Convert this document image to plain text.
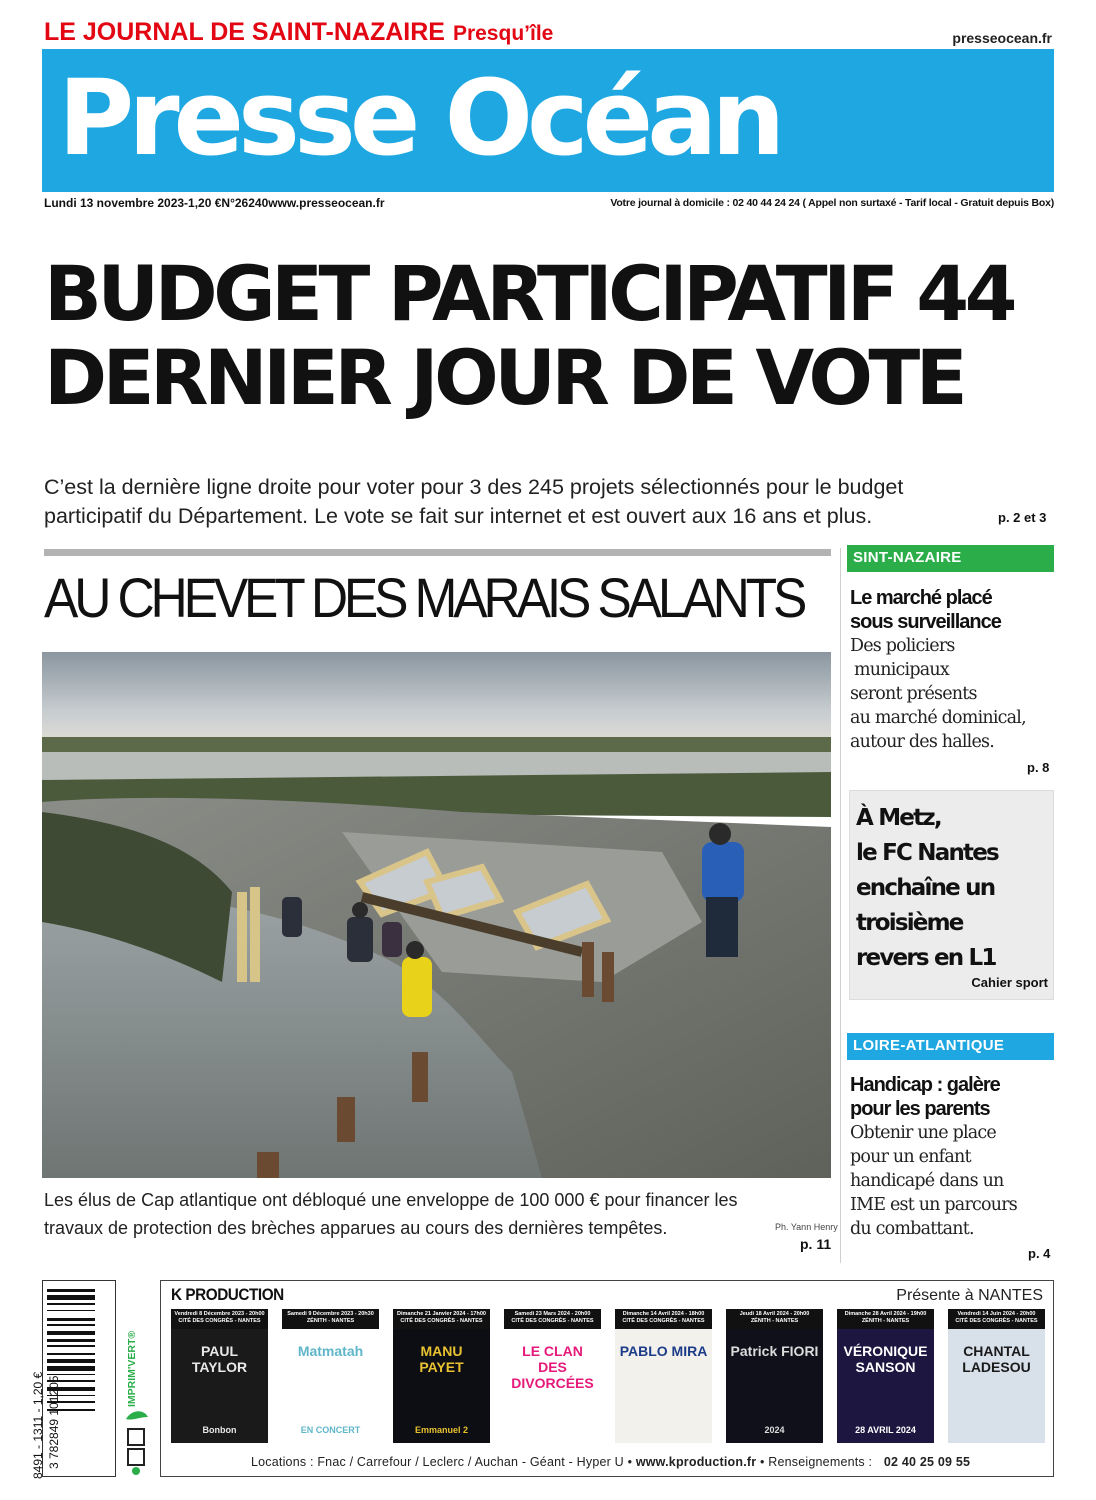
LE JOURNAL DE SAINT-NAZAIRE Presqu’île	presseocean.fr
Presse Océan
Lundi 13 novembre 2023-1,20 €N°26240www.presseocean.fr	Votre journal à domicile : 02 40 44 24 24 ( Appel non surtaxé - Tarif local - Gratuit depuis Box)
BUDGET PARTICIPATIF 44
DERNIER JOUR DE VOTE
C’est la dernière ligne droite pour voter pour 3 des 245 projets sélectionnés pour le budget participatif du Département. Le vote se fait sur internet et est ouvert aux 16 ans et plus.	p. 2 et 3
AU CHEVET DES MARAIS SALANTS
Les élus de Cap atlantique ont débloqué une enveloppe de 100 000 € pour financer les travaux de protection des brèches apparues au cours des dernières tempêtes.	Ph. Yann Henry
p. 11
SINT-NAZAIRE
Le marché placé
sous surveillance
Des policiers
municipaux
seront présents
au marché dominical,
autour des halles.
p. 8
À Metz,
le FC Nantes
enchaîne un
troisième
revers en L1
Cahier sport
LOIRE-ATLANTIQUE
Handicap : galère
pour les parents
Obtenir une place
pour un enfant
handicapé dans un
IME est un parcours
du combattant.
p. 4
3 782849 101205
8491 - 1311 - 1,20 €
IMPRIM'VERT®
K PRODUCTION	Présente à NANTES
Vendredi 8 Décembre 2023 - 20h00
CITÉ DES CONGRÈS - NANTES
PAUL TAYLOR
Bonbon
Samedi 9 Décembre 2023 - 20h30
ZÉNITH - NANTES
Matmatah
EN CONCERT
Dimanche 21 Janvier 2024 - 17h00
CITÉ DES CONGRÈS - NANTES
MANU PAYET
Emmanuel 2
Samedi 23 Mars 2024 - 20h00
CITÉ DES CONGRÈS - NANTES
LE CLAN DES DIVORCÉES
Dimanche 14 Avril 2024 - 18h00
CITÉ DES CONGRÈS - NANTES
PABLO MIRA
Jeudi 18 Avril 2024 - 20h00
ZÉNITH - NANTES
Patrick FIORI
2024
Dimanche 28 Avril 2024 - 19h00
ZÉNITH - NANTES
VÉRONIQUE SANSON
28 AVRIL 2024
Vendredi 14 Juin 2024 - 20h00
CITÉ DES CONGRÈS - NANTES
CHANTAL LADESOU
Locations : Fnac / Carrefour / Leclerc / Auchan - Géant - Hyper U • www.kproduction.fr • Renseignements : 02 40 25 09 55
